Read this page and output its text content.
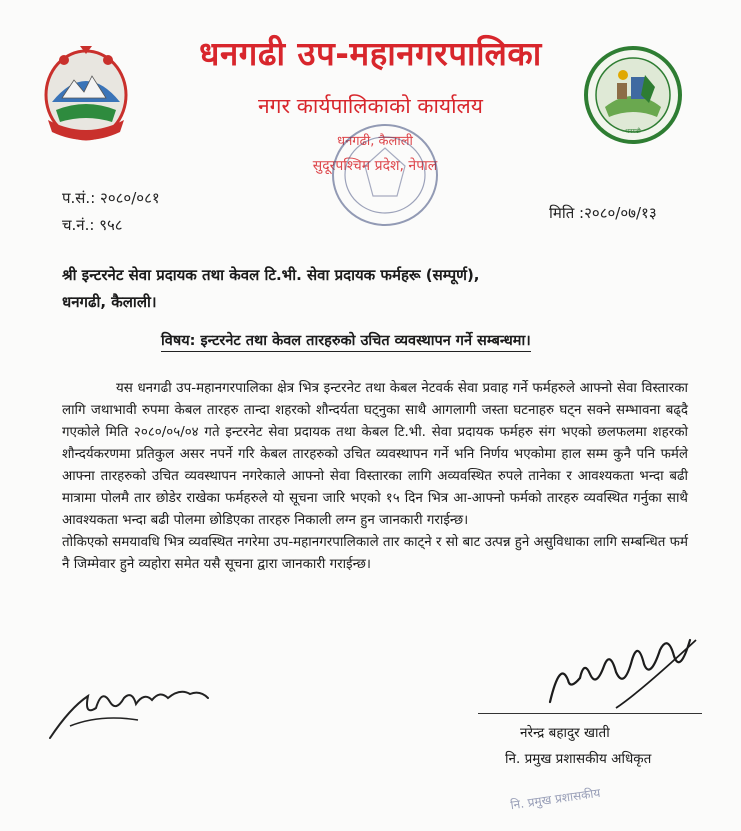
धनगढी
धनगढी उप-महानगरपालिका
नगर कार्यपालिकाको कार्यालय
धनगढी, कैलाली
सुदूरपश्चिम प्रदेश, नेपाल
प.सं.: २०८०/०८१
च.नं.: ९५८
मिति :२०८०/०७/१३
श्री इन्टरनेट सेवा प्रदायक तथा केवल टि.भी. सेवा प्रदायक फर्महरू (सम्पूर्ण),
धनगढी, कैलाली।
विषय: इन्टरनेट तथा केवल तारहरुको उचित व्यवस्थापन गर्ने सम्बन्धमा।

यस धनगढी उप-महानगरपालिका क्षेत्र भित्र इन्टरनेट तथा केबल नेटवर्क सेवा प्रवाह गर्ने फर्महरुले आफ्नो सेवा विस्तारका लागि जथाभावी रुपमा केबल तारहरु तान्दा शहरको शौन्दर्यता घट्नुका साथै आगलागी जस्ता घटनाहरु घट्न सक्ने सम्भावना बढ्दै गएकोले मिति २०८०/०५/०४ गते इन्टरनेट सेवा प्रदायक तथा केबल टि.भी. सेवा प्रदायक फर्महरु संग भएको छलफलमा शहरको शौन्दर्यकरणमा प्रतिकुल असर नपर्ने गरि केबल तारहरुको उचित व्यवस्थापन गर्ने भनि निर्णय भएकोमा हाल सम्म कुनै पनि फर्मले आफ्ना तारहरुको उचित व्यवस्थापन नगरेकाले आफ्नो सेवा विस्तारका लागि अव्यवस्थित रुपले तानेका र आवश्यकता भन्दा बढी मात्रामा पोलमै तार छोडेर राखेका फर्महरुले यो सूचना जारि भएको १५ दिन भित्र आ-आफ्नो फर्मको तारहरु व्यवस्थित गर्नुका साथै आवश्यकता भन्दा बढी पोलमा छोडिएका तारहरु निकाली लग्न हुन जानकारी गराईन्छ।

तोकिएको समयावधि भित्र व्यवस्थित नगरेमा उप-महानगरपालिकाले तार काट्ने र सो बाट उत्पन्न हुने असुविधाका लागि सम्बन्धित फर्म नै जिम्मेवार हुने व्यहोरा समेत यसै सूचना द्वारा जानकारी गराईन्छ।

नरेन्द्र बहादुर खाती
नि. प्रमुख प्रशासकीय अधिकृत
नि. प्रमुख प्रशासकीय
